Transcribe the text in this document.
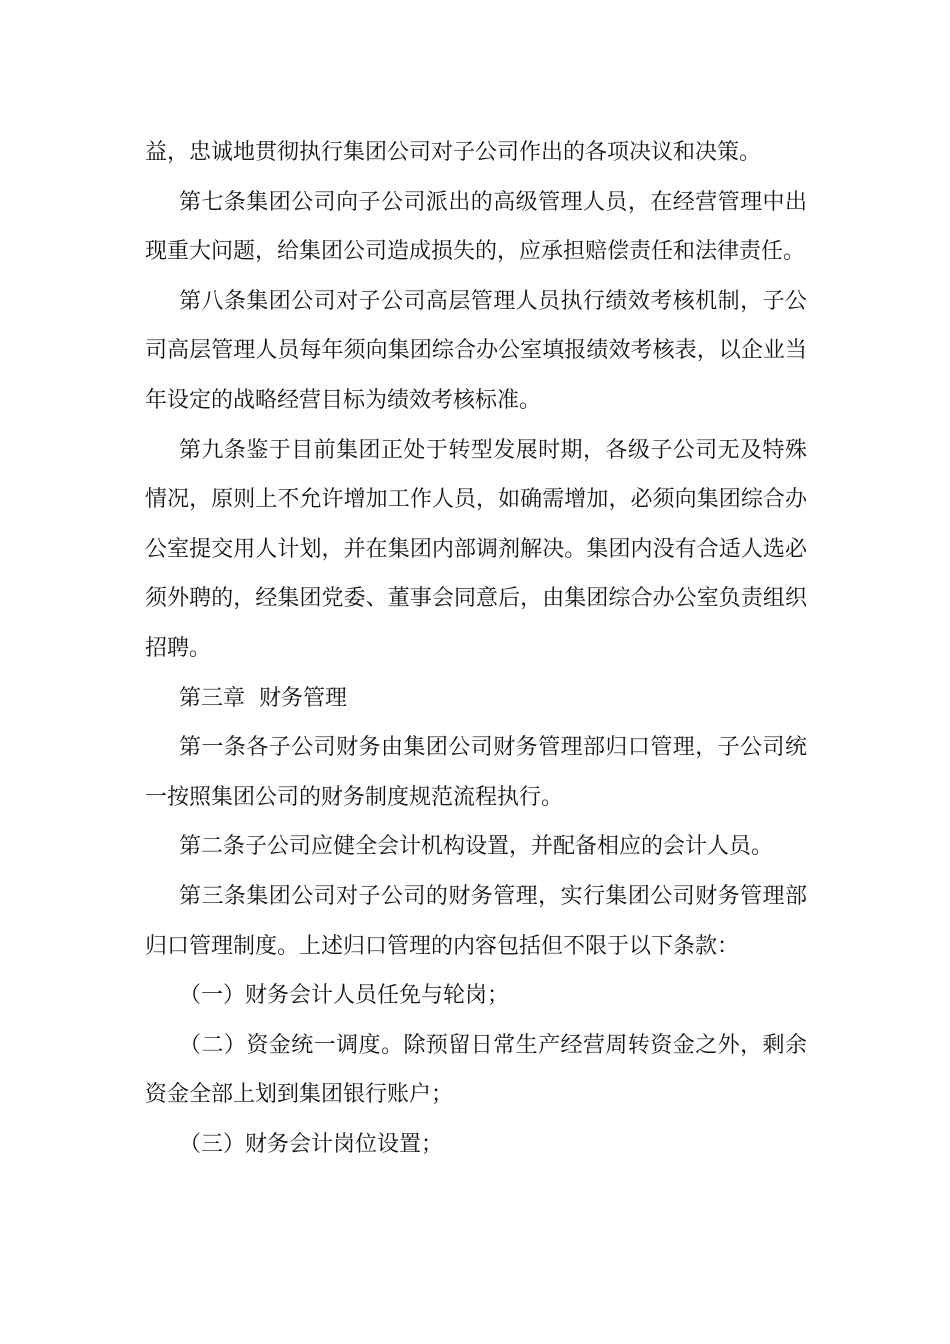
益，忠诚地贯彻执行集团公司对子公司作出的各项决议和决策。

第七条集团公司向子公司派出的高级管理人员，在经营管理中出现重大问题，给集团公司造成损失的，应承担赔偿责任和法律责任。

第八条集团公司对子公司高层管理人员执行绩效考核机制，子公司高层管理人员每年须向集团综合办公室填报绩效考核表，以企业当年设定的战略经营目标为绩效考核标准。

第九条鉴于目前集团正处于转型发展时期，各级子公司无及特殊情况，原则上不允许增加工作人员，如确需增加，必须向集团综合办公室提交用人计划，并在集团内部调剂解决。集团内没有合适人选必须外聘的，经集团党委、董事会同意后，由集团综合办公室负责组织招聘。

第三章  财务管理

第一条各子公司财务由集团公司财务管理部归口管理，子公司统一按照集团公司的财务制度规范流程执行。

第二条子公司应健全会计机构设置，并配备相应的会计人员。

第三条集团公司对子公司的财务管理，实行集团公司财务管理部归口管理制度。上述归口管理的内容包括但不限于以下条款：

（一）财务会计人员任免与轮岗；

（二）资金统一调度。除预留日常生产经营周转资金之外，剩余资金全部上划到集团银行账户；

（三）财务会计岗位设置；
